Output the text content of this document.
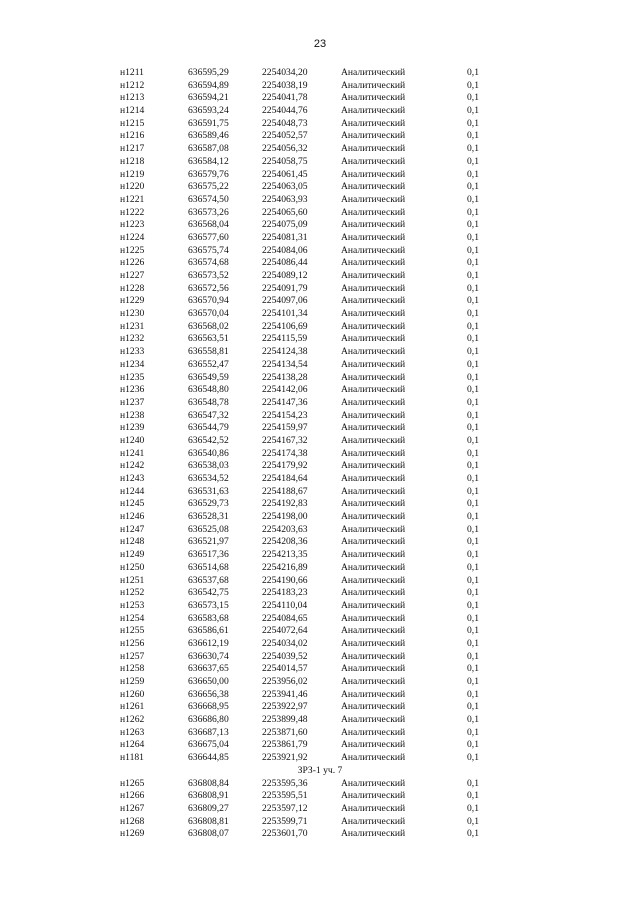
23
н1211	636595,29	2254034,20	Аналитический	0,1
н1212	636594,89	2254038,19	Аналитический	0,1
н1213	636594,21	2254041,78	Аналитический	0,1
н1214	636593,24	2254044,76	Аналитический	0,1
н1215	636591,75	2254048,73	Аналитический	0,1
н1216	636589,46	2254052,57	Аналитический	0,1
н1217	636587,08	2254056,32	Аналитический	0,1
н1218	636584,12	2254058,75	Аналитический	0,1
н1219	636579,76	2254061,45	Аналитический	0,1
н1220	636575,22	2254063,05	Аналитический	0,1
н1221	636574,50	2254063,93	Аналитический	0,1
н1222	636573,26	2254065,60	Аналитический	0,1
н1223	636568,04	2254075,09	Аналитический	0,1
н1224	636577,60	2254081,31	Аналитический	0,1
н1225	636575,74	2254084,06	Аналитический	0,1
н1226	636574,68	2254086,44	Аналитический	0,1
н1227	636573,52	2254089,12	Аналитический	0,1
н1228	636572,56	2254091,79	Аналитический	0,1
н1229	636570,94	2254097,06	Аналитический	0,1
н1230	636570,04	2254101,34	Аналитический	0,1
н1231	636568,02	2254106,69	Аналитический	0,1
н1232	636563,51	2254115,59	Аналитический	0,1
н1233	636558,81	2254124,38	Аналитический	0,1
н1234	636552,47	2254134,54	Аналитический	0,1
н1235	636549,59	2254138,28	Аналитический	0,1
н1236	636548,80	2254142,06	Аналитический	0,1
н1237	636548,78	2254147,36	Аналитический	0,1
н1238	636547,32	2254154,23	Аналитический	0,1
н1239	636544,79	2254159,97	Аналитический	0,1
н1240	636542,52	2254167,32	Аналитический	0,1
н1241	636540,86	2254174,38	Аналитический	0,1
н1242	636538,03	2254179,92	Аналитический	0,1
н1243	636534,52	2254184,64	Аналитический	0,1
н1244	636531,63	2254188,67	Аналитический	0,1
н1245	636529,73	2254192,83	Аналитический	0,1
н1246	636528,31	2254198,00	Аналитический	0,1
н1247	636525,08	2254203,63	Аналитический	0,1
н1248	636521,97	2254208,36	Аналитический	0,1
н1249	636517,36	2254213,35	Аналитический	0,1
н1250	636514,68	2254216,89	Аналитический	0,1
н1251	636537,68	2254190,66	Аналитический	0,1
н1252	636542,75	2254183,23	Аналитический	0,1
н1253	636573,15	2254110,04	Аналитический	0,1
н1254	636583,68	2254084,65	Аналитический	0,1
н1255	636586,61	2254072,64	Аналитический	0,1
н1256	636612,19	2254034,02	Аналитический	0,1
н1257	636630,74	2254039,52	Аналитический	0,1
н1258	636637,65	2254014,57	Аналитический	0,1
н1259	636650,00	2253956,02	Аналитический	0,1
н1260	636656,38	2253941,46	Аналитический	0,1
н1261	636668,95	2253922,97	Аналитический	0,1
н1262	636686,80	2253899,48	Аналитический	0,1
н1263	636687,13	2253871,60	Аналитический	0,1
н1264	636675,04	2253861,79	Аналитический	0,1
н1181	636644,85	2253921,92	Аналитический	0,1
ЗРЗ-1 уч. 7
н1265	636808,84	2253595,36	Аналитический	0,1
н1266	636808,91	2253595,51	Аналитический	0,1
н1267	636809,27	2253597,12	Аналитический	0,1
н1268	636808,81	2253599,71	Аналитический	0,1
н1269	636808,07	2253601,70	Аналитический	0,1
